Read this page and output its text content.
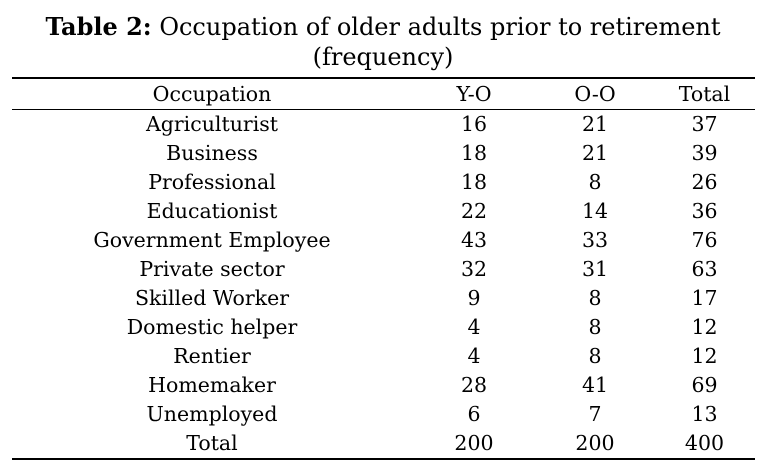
Table 2: Occupation of older adults prior to retirement
(frequency)
Occupation	Y-O	O-O	Total
Agriculturist	16	21	37
Business	18	21	39
Professional	18	8	26
Educationist	22	14	36
Government Employee	43	33	76
Private sector	32	31	63
Skilled Worker	9	8	17
Domestic helper	4	8	12
Rentier	4	8	12
Homemaker	28	41	69
Unemployed	6	7	13
Total	200	200	400
